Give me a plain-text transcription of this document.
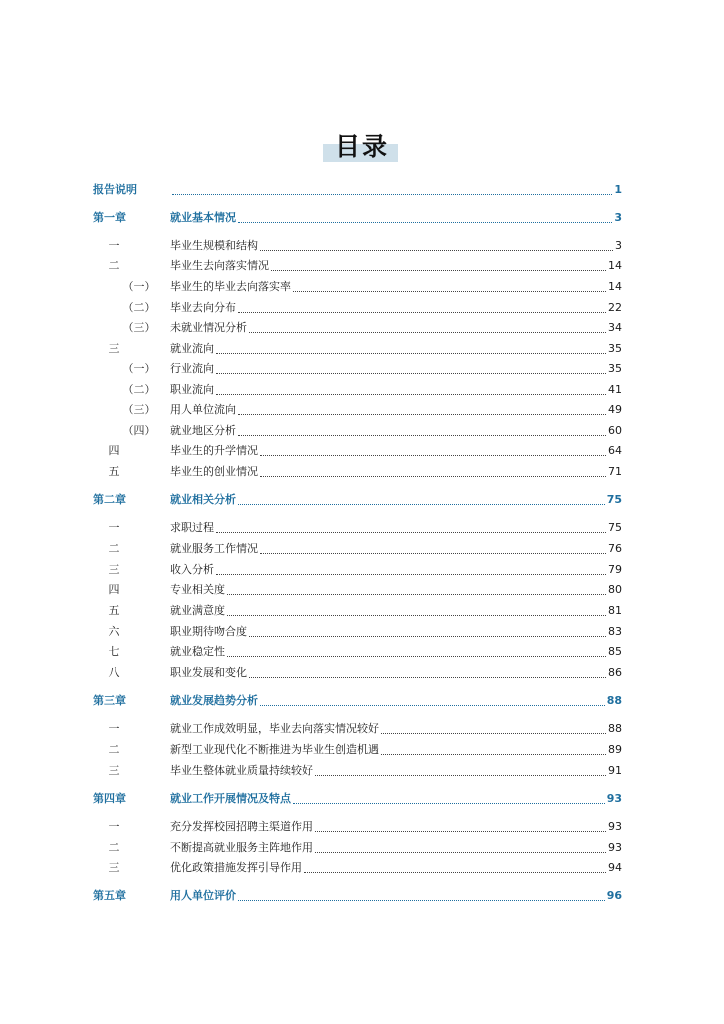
目录
报告说明	1
第一章	就业基本情况	3
一	毕业生规模和结构	3
二	毕业生去向落实情况	14
（一） 毕业生的毕业去向落实率	14
（二） 毕业去向分布	22
（三） 未就业情况分析	34
三	就业流向	35
（一） 行业流向	35
（二） 职业流向	41
（三） 用人单位流向	49
（四） 就业地区分析	60
四	毕业生的升学情况	64
五	毕业生的创业情况	71
第二章	就业相关分析	75
一	求职过程	75
二	就业服务工作情况	76
三	收入分析	79
四	专业相关度	80
五	就业满意度	81
六	职业期待吻合度	83
七	就业稳定性	85
八	职业发展和变化	86
第三章	就业发展趋势分析	88
一	就业工作成效明显，毕业去向落实情况较好	88
二	新型工业现代化不断推进为毕业生创造机遇	89
三	毕业生整体就业质量持续较好	91
第四章	就业工作开展情况及特点	93
一	充分发挥校园招聘主渠道作用	93
二	不断提高就业服务主阵地作用	93
三	优化政策措施发挥引导作用	94
第五章	用人单位评价	96
